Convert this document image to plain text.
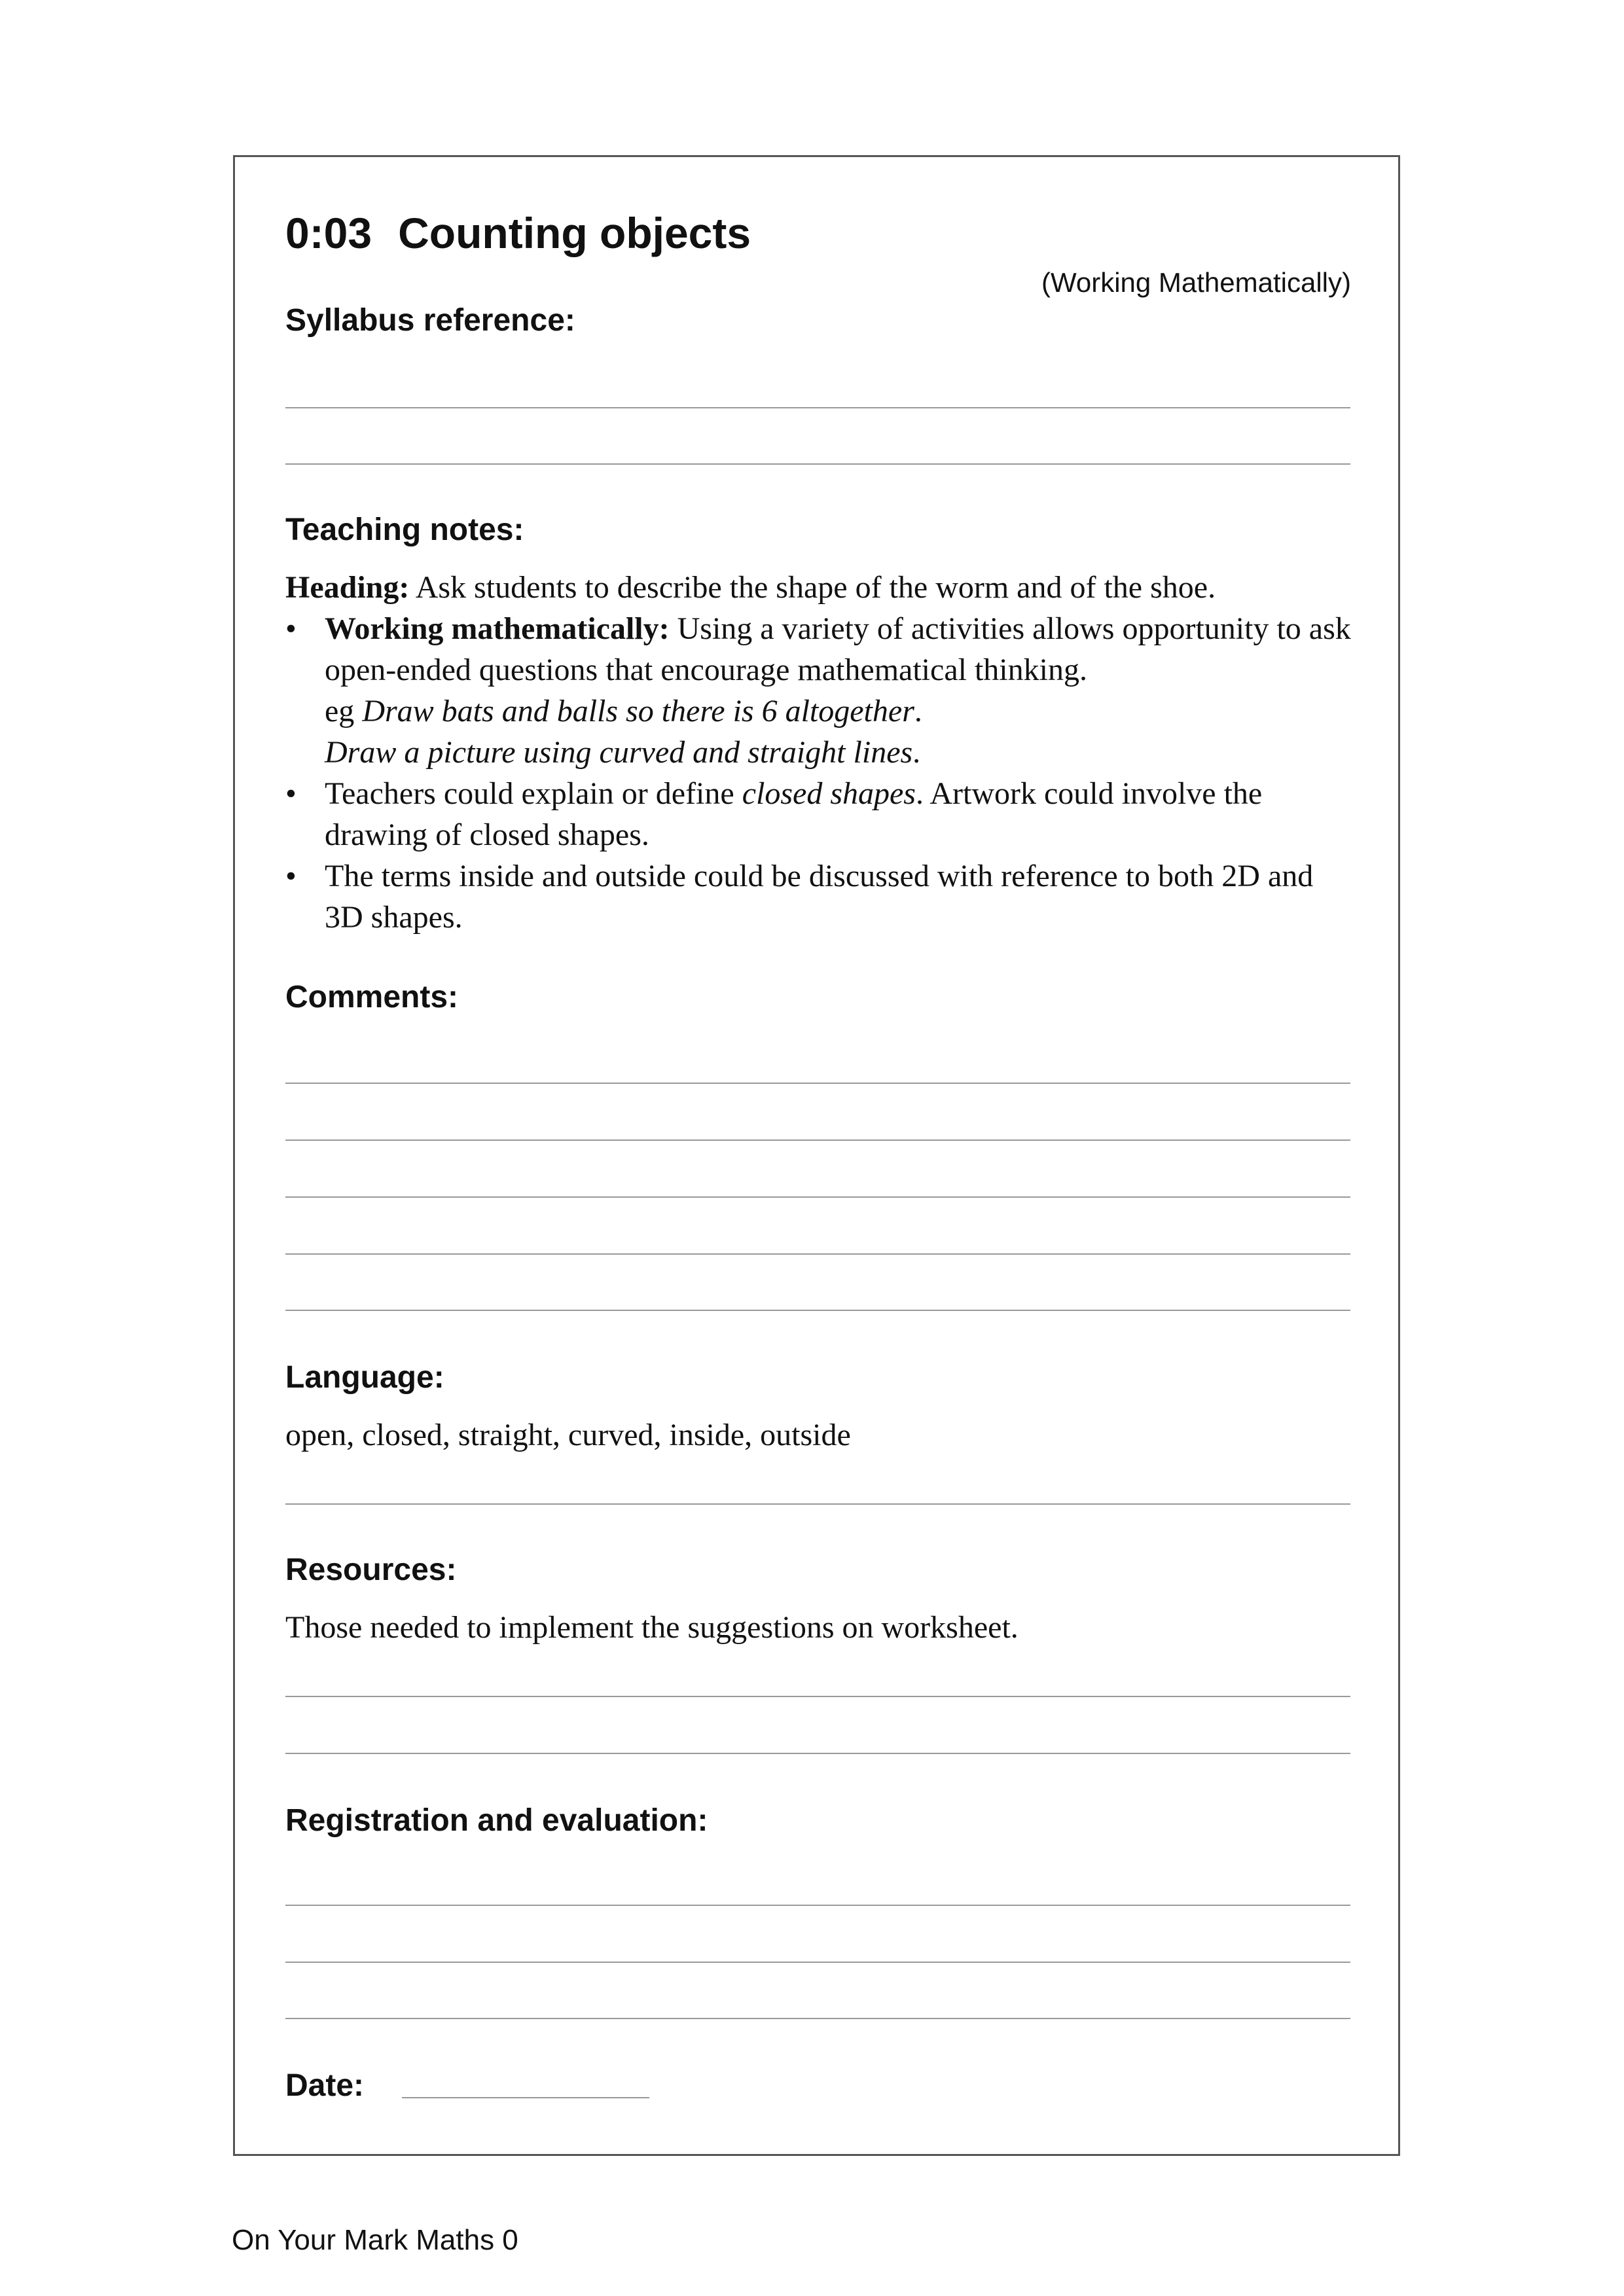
0:03 Counting objects
(Working Mathematically)
Syllabus reference:
Teaching notes:

Heading: Ask students to describe the shape of the worm and of the shoe.

• Working mathematically: Using a variety of activities allows opportunity to ask open-ended questions that encourage mathematical thinking.
eg Draw bats and balls so there is 6 altogether.
Draw a picture using curved and straight lines.
• Teachers could explain or define closed shapes. Artwork could involve the drawing of closed shapes.
• The terms inside and outside could be discussed with reference to both 2D and 3D shapes.
Comments:
Language:
open, closed, straight, curved, inside, outside
Resources:
Those needed to implement the suggestions on worksheet.
Registration and evaluation:
Date:
On Your Mark Maths 0
